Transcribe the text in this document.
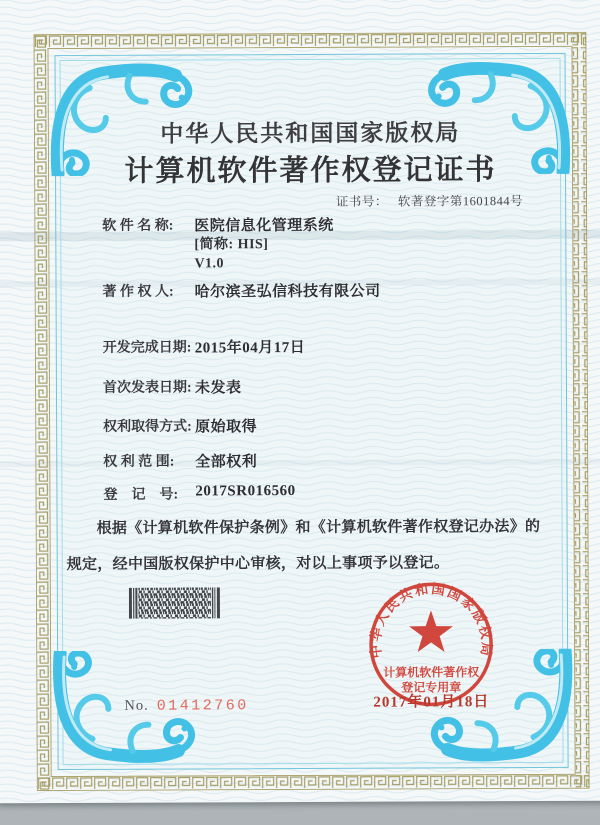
中华人民共和国国家版权局
计算机软件著作权登记证书
证书号： 软著登字第1601844号
软 件 名 称: 医院信息化管理系统
[简称: HIS]
V1.0
著 作 权 人: 哈尔滨圣弘信科技有限公司
开发完成日期: 2015年04月17日
首次发表日期: 未发表
权利取得方式: 原始取得
权 利 范 围: 全部权利
登　记　号: 2017SR016560
根据《计算机软件保护条例》和《计算机软件著作权登记办法》的
规定，经中国版权保护中心审核，对以上事项予以登记。
中华人民共和国国家版权局
计算机软件著作权
登记专用章
2017年01月18日
No. 01412760
